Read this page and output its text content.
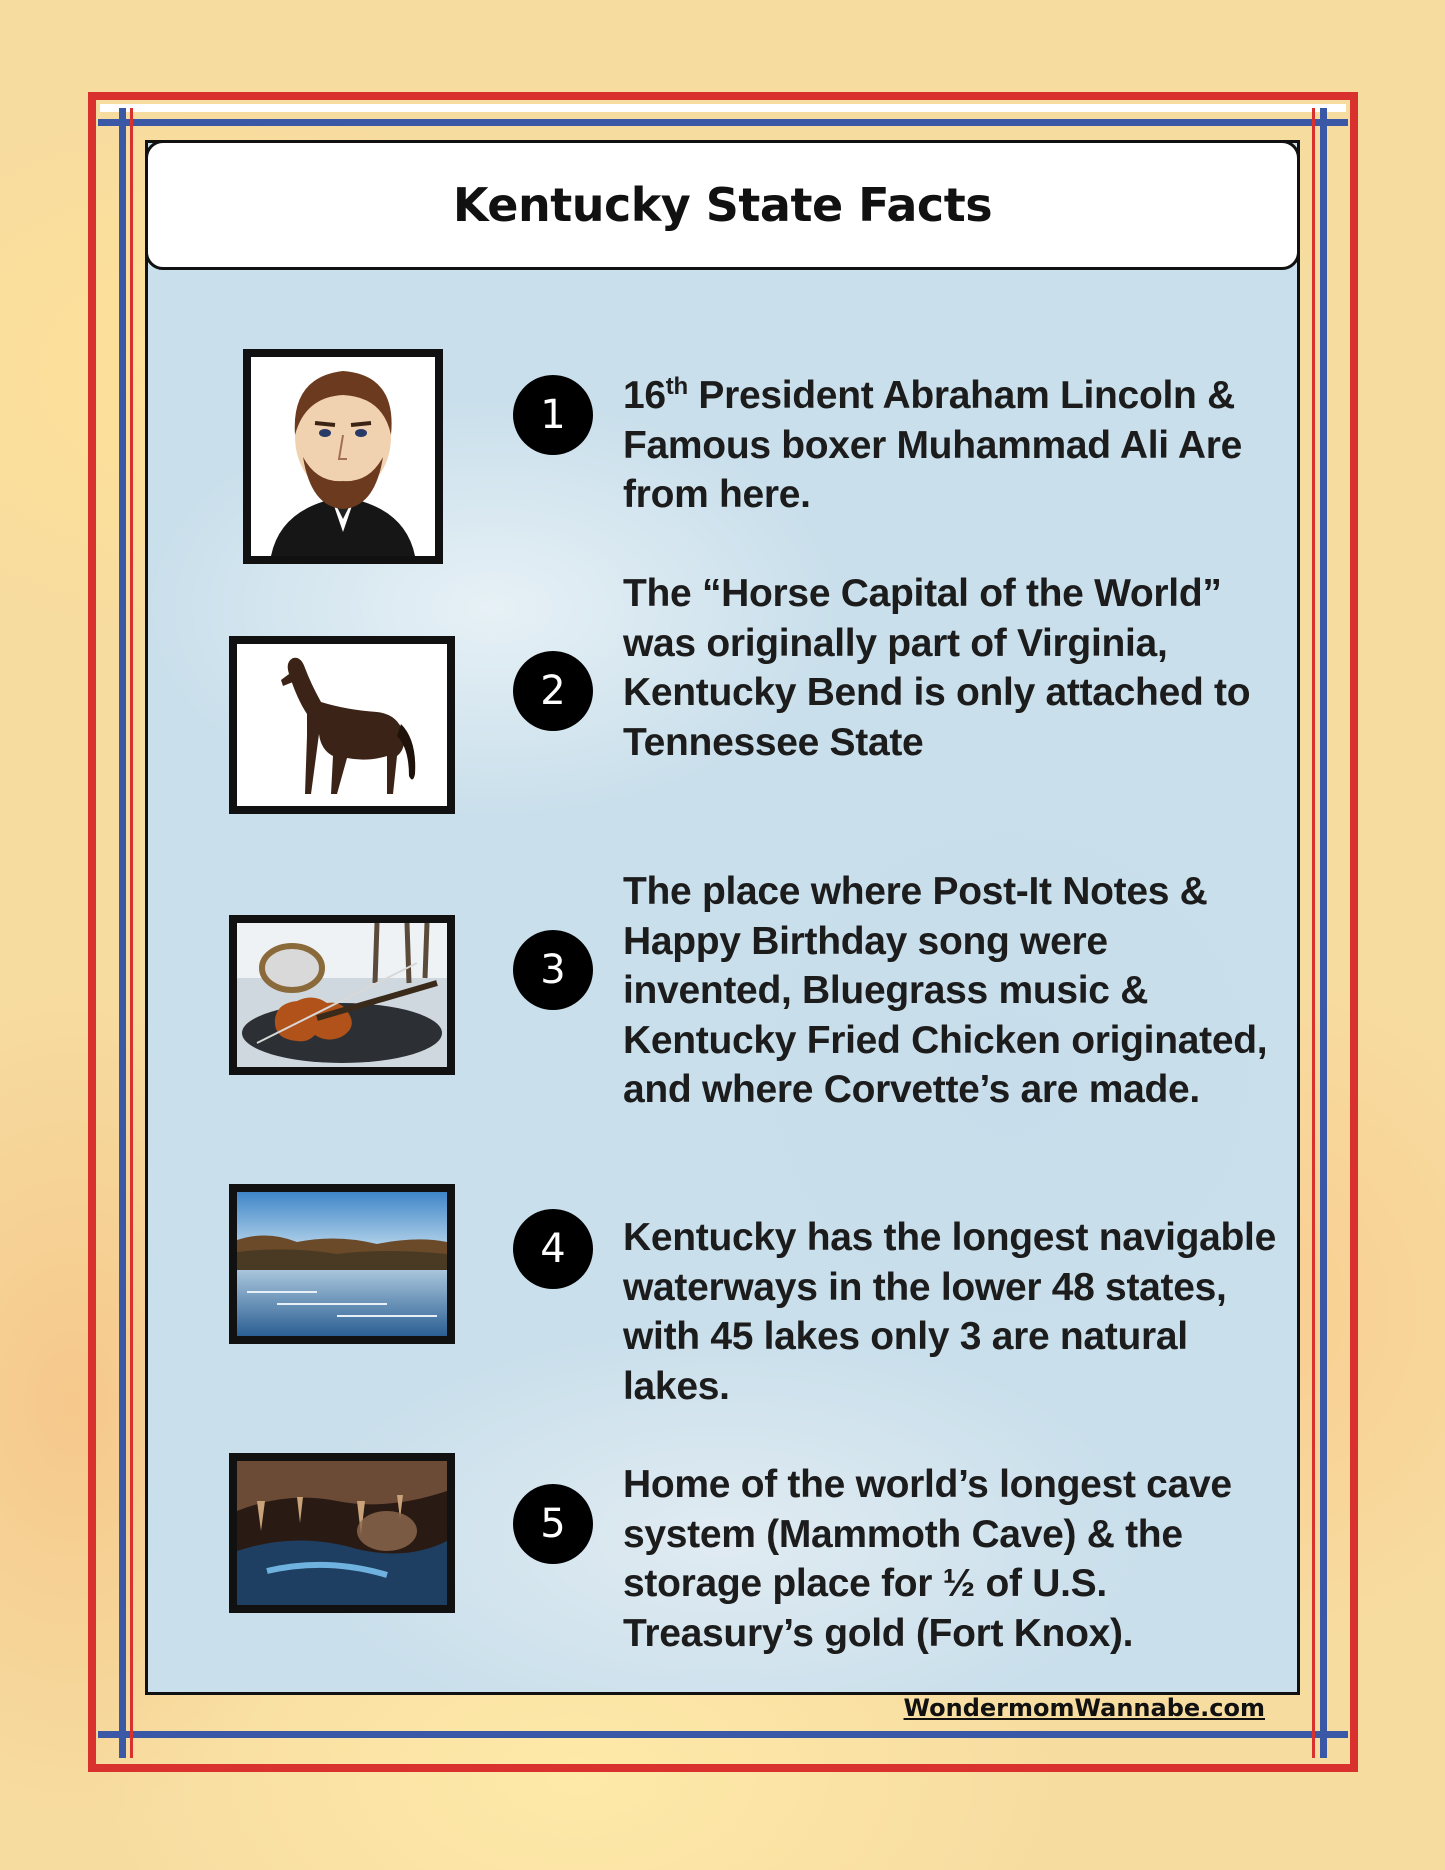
Kentucky State Facts
1	16th President Abraham Lincoln & Famous boxer Muhammad Ali Are from here.
2
The “Horse Capital of the World” was originally part of Virginia, Kentucky Bend is only attached to Tennessee State
3
The place where Post-It Notes & Happy Birthday song were invented, Bluegrass music & Kentucky Fried Chicken originated, and where Corvette’s are made.
4	Kentucky has the longest navigable waterways in the lower 48 states, with 45 lakes only 3 are natural lakes.
5
Home of the world’s longest cave system (Mammoth Cave) & the storage place for ½ of U.S. Treasury’s gold (Fort Knox).
WondermomWannabe.com
